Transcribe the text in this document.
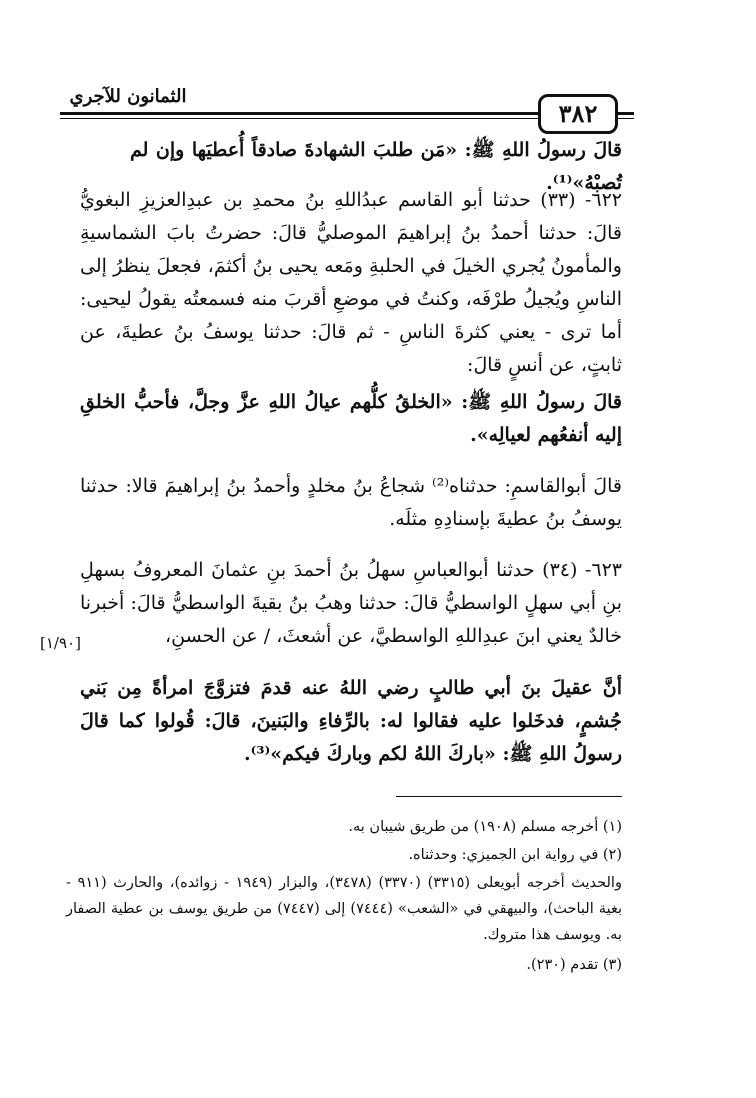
الثمانون للآجري
٣٨٢
قالَ رسولُ اللهِ ﷺ: «مَن طلبَ الشهادةَ صادقاً أُعطيَها وإن لم تُصبْهُ»⁽¹⁾.
٦٢٢- (٣٣) حدثنا أبو القاسم عبدُاللهِ بنُ محمدِ بن عبدِالعزيزِ البغويُّ قالَ: حدثنا أحمدُ بنُ إبراهيمَ الموصليُّ قالَ: حضرتُ بابَ الشماسيةِ والمأمونُ يُجري الخيلَ في الحلبةِ ومَعه يحيى بنُ أكثمَ، فجعلَ ينظرُ إلى الناسِ ويُجيلُ طرْفَه، وكنتُ في موضعِ أقربَ منه فسمعتُه يقولُ ليحيى: أما ترى - يعني كثرةَ الناسِ - ثم قالَ: حدثنا يوسفُ بنُ عطيةَ، عن ثابتٍ، عن أنسٍ قالَ:
قالَ رسولُ اللهِ ﷺ: «الخلقُ كلُّهم عيالُ اللهِ عزَّ وجلَّ، فأحبُّ الخلقِ إليه أنفعُهم لعيالِه».
قالَ أبوالقاسمِ: حدثناه⁽²⁾ شجاعُ بنُ مخلدٍ وأحمدُ بنُ إبراهيمَ قالا: حدثنا يوسفُ بنُ عطيةَ بإسنادِهِ مثلَه.
٦٢٣- (٣٤) حدثنا أبوالعباسِ سهلُ بنُ أحمدَ بنِ عثمانَ المعروفُ بسهلِ بنِ أبي سهلٍ الواسطيُّ قالَ: حدثنا وهبُ بنُ بقيةَ الواسطيُّ قالَ: أخبرنا خالدٌ يعني ابنَ عبدِاللهِ الواسطيَّ، عن أشعثَ، / عن الحسنِ،
[١/٩٠]
أنَّ عقيلَ بنَ أبي طالبٍ رضي اللهُ عنه قدمَ فتزوَّجَ امرأةً مِن بَني جُشمٍ، فدخَلوا عليه فقالوا له: بالرِّفاءِ والبَنينَ، قالَ: قُولوا كما قالَ رسولُ اللهِ ﷺ: «باركَ اللهُ لكم وباركَ فيكم»⁽³⁾.
(١) أخرجه مسلم (١٩٠٨) من طريق شيبان به.
(٢) في رواية ابن الجميزي: وحدثناه.
والحديث أخرجه أبويعلى (٣٣١٥) (٣٣٧٠) (٣٤٧٨)، والبزار (١٩٤٩ - زوائده)، والحارث (٩١١ - بغية الباحث)، والبيهقي في «الشعب» (٧٤٤٤) إلى (٧٤٤٧) من طريق يوسف بن عطية الصفار به. ويوسف هذا متروك.
(٣) تقدم (٢٣٠).
